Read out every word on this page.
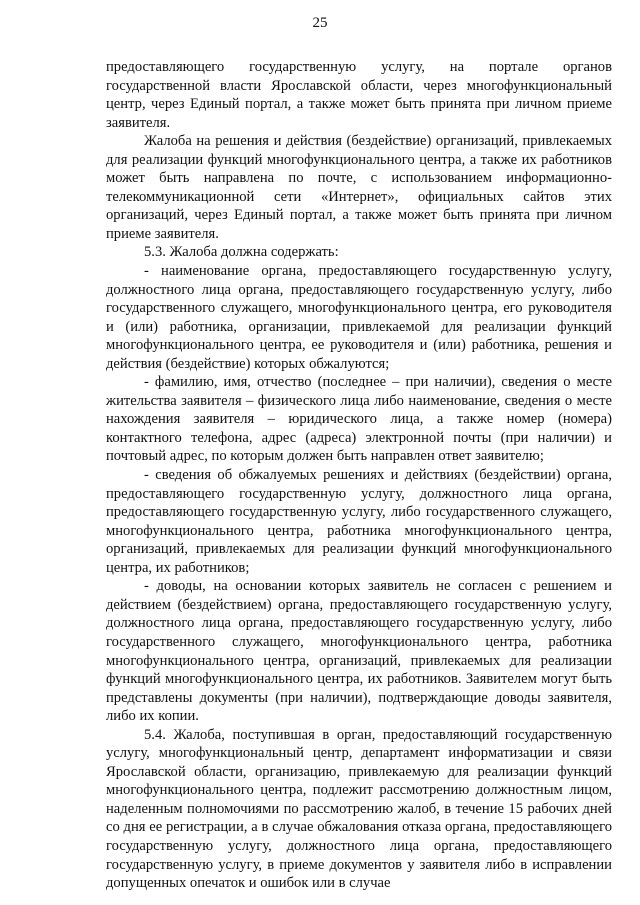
25

предоставляющего государственную услугу, на портале органов государственной власти Ярославской области, через многофункциональный центр, через Единый портал, а также может быть принята при личном приеме заявителя.

Жалоба на решения и действия (бездействие) организаций, привлекаемых для реализации функций многофункционального центра, а также их работников может быть направлена по почте, с использованием информационно-телекоммуникационной сети «Интернет», официальных сайтов этих организаций, через Единый портал, а также может быть принята при личном приеме заявителя.

5.3. Жалоба должна содержать:

- наименование органа, предоставляющего государственную услугу, должностного лица органа, предоставляющего государственную услугу, либо государственного служащего, многофункционального центра, его руководителя и (или) работника, организации, привлекаемой для реализации функций многофункционального центра, ее руководителя и (или) работника, решения и действия (бездействие) которых обжалуются;

- фамилию, имя, отчество (последнее – при наличии), сведения о месте жительства заявителя – физического лица либо наименование, сведения о месте нахождения заявителя – юридического лица, а также номер (номера) контактного телефона, адрес (адреса) электронной почты (при наличии) и почтовый адрес, по которым должен быть направлен ответ заявителю;

- сведения об обжалуемых решениях и действиях (бездействии) органа, предоставляющего государственную услугу, должностного лица органа, предоставляющего государственную услугу, либо государственного служащего, многофункционального центра, работника многофункционального центра, организаций, привлекаемых для реализации функций многофункционального центра, их работников;

- доводы, на основании которых заявитель не согласен с решением и действием (бездействием) органа, предоставляющего государственную услугу, должностного лица органа, предоставляющего государственную услугу, либо государственного служащего, многофункционального центра, работника многофункционального центра, организаций, привлекаемых для реализации функций многофункционального центра, их работников. Заявителем могут быть представлены документы (при наличии), подтверждающие доводы заявителя, либо их копии.

5.4. Жалоба, поступившая в орган, предоставляющий государственную услугу, многофункциональный центр, департамент информатизации и связи Ярославской области, организацию, привлекаемую для реализации функций многофункционального центра, подлежит рассмотрению должностным лицом, наделенным полномочиями по рассмотрению жалоб, в течение 15 рабочих дней со дня ее регистрации, а в случае обжалования отказа органа, предоставляющего государственную услугу, должностного лица органа, предоставляющего государственную услугу, в приеме документов у заявителя либо в исправлении допущенных опечаток и ошибок или в случае
